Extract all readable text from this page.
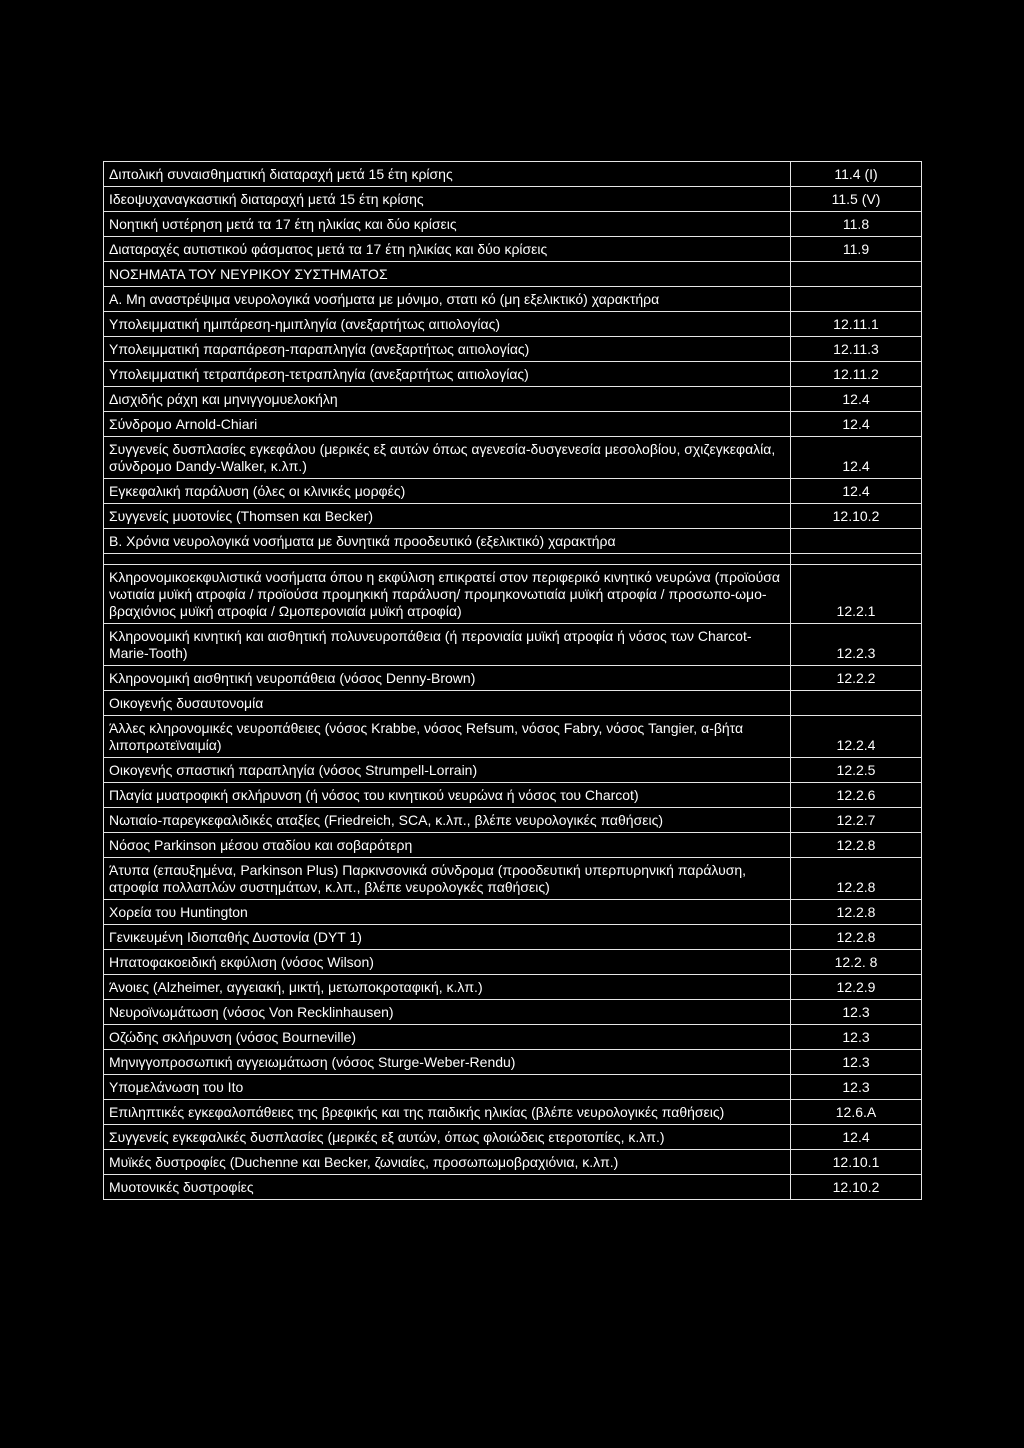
Διπολική συναισθηματική διαταραχή μετά 15 έτη κρίσης	11.4 (I)
Ιδεοψυχαναγκαστική διαταραχή μετά 15 έτη κρίσης	11.5 (V)
Νοητική υστέρηση μετά τα 17 έτη ηλικίας και δύο κρίσεις	11.8
Διαταραχές αυτιστικού φάσματος μετά τα 17 έτη ηλικίας και δύο κρίσεις	11.9
ΝΟΣΗΜΑΤΑ ΤΟΥ ΝΕΥΡΙΚΟΥ ΣΥΣΤΗΜΑΤΟΣ	
Α. Μη αναστρέψιμα νευρολογικά νοσήματα με μόνιμο, στατι κό (μη εξελικτικό) χαρακτήρα	
Υπολειμματική ημιπάρεση-ημιπληγία (ανεξαρτήτως αιτιολογίας)	12.11.1
Υπολειμματική παραπάρεση-παραπληγία (ανεξαρτήτως αιτιολογίας)	12.11.3
Υπολειμματική τετραπάρεση-τετραπληγία (ανεξαρτήτως αιτιολογίας)	12.11.2
Δισχιδής ράχη και μηνιγγομυελοκήλη	12.4
Σύνδρομο Arnold-Chiari	12.4
Συγγενείς δυσπλασίες εγκεφάλου (μερικές εξ αυτών όπως αγενεσία-δυσγενεσία μεσολοβίου, σχιζεγκεφαλία, σύνδρομο Dandy-Walker, κ.λπ.)	12.4
Εγκεφαλική παράλυση (όλες οι κλινικές μορφές)	12.4
Συγγενείς μυοτονίες (Thomsen και Becker)	12.10.2
Β. Χρόνια νευρολογικά νοσήματα με δυνητικά προοδευτικό (εξελικτικό) χαρακτήρα	

Κληρονομικοεκφυλιστικά νοσήματα όπου η εκφύλιση επικρατεί στον περιφερικό κινητικό νευρώνα (προϊούσα νωτιαία μυϊκή ατροφία / προϊούσα προμηκική παράλυση/ προμηκονωτιαία μυϊκή ατροφία / προσωπο-ωμο-βραχιόνιος μυϊκή ατροφία / Ωμοπερονιαία μυϊκή ατροφία)	12.2.1
Κληρονομική κινητική και αισθητική πολυνευροπάθεια (ή περονιαία μυϊκή ατροφία ή νόσος των Charcot-Marie-Tooth)	12.2.3
Κληρονομική αισθητική νευροπάθεια (νόσος Denny-Brown)	12.2.2
Οικογενής δυσαυτονομία	
Άλλες κληρονομικές νευροπάθειες (νόσος Krabbe, νόσος Refsum, νόσος Fabry, νόσος Tangier, α-βήτα λιποπρωτεϊναιμία)	12.2.4
Οικογενής σπαστική παραπληγία (νόσος Strumpell-Lorrain)	12.2.5
Πλαγία μυατροφική σκλήρυνση (ή νόσος του κινητικού νευρώνα ή νόσος του Charcot)	12.2.6
Νωτιαίο-παρεγκεφαλιδικές αταξίες (Friedreich, SCA, κ.λπ., βλέπε νευρολογικές παθήσεις)	12.2.7
Νόσος Parkinson μέσου σταδίου και σοβαρότερη	12.2.8
Άτυπα (επαυξημένα, Parkinson Plus) Παρκινσονικά σύνδρομα (προοδευτική υπερπυρηνική παράλυση, ατροφία πολλαπλών συστημάτων, κ.λπ., βλέπε νευρολογκές παθήσεις)	12.2.8
Χορεία του Huntington	12.2.8
Γενικευμένη Ιδιοπαθής Δυστονία (DYT 1)	12.2.8
Ηπατοφακοειδική εκφύλιση (νόσος Wilson)	12.2. 8
Άνοιες (Alzheimer, αγγειακή, μικτή, μετωποκροταφική, κ.λπ.)	12.2.9
Νευροϊνωμάτωση (νόσος Von Recklinhausen)	12.3
Οζώδης σκλήρυνση (νόσος Bourneville)	12.3
Μηνιγγοπροσωπική αγγειωμάτωση (νόσος Sturge-Weber-Rendu)	12.3
Υπομελάνωση του Ito	12.3
Επιληπτικές εγκεφαλοπάθειες της βρεφικής και της παιδικής ηλικίας (βλέπε νευρολογικές παθήσεις)	12.6.Α
Συγγενείς εγκεφαλικές δυσπλασίες (μερικές εξ αυτών, όπως φλοιώδεις ετεροτοπίες, κ.λπ.)	12.4
Μυϊκές δυστροφίες (Duchenne και Becker, ζωνιαίες, προσωπωμοβραχιόνια, κ.λπ.)	12.10.1
Μυοτονικές δυστροφίες	12.10.2
